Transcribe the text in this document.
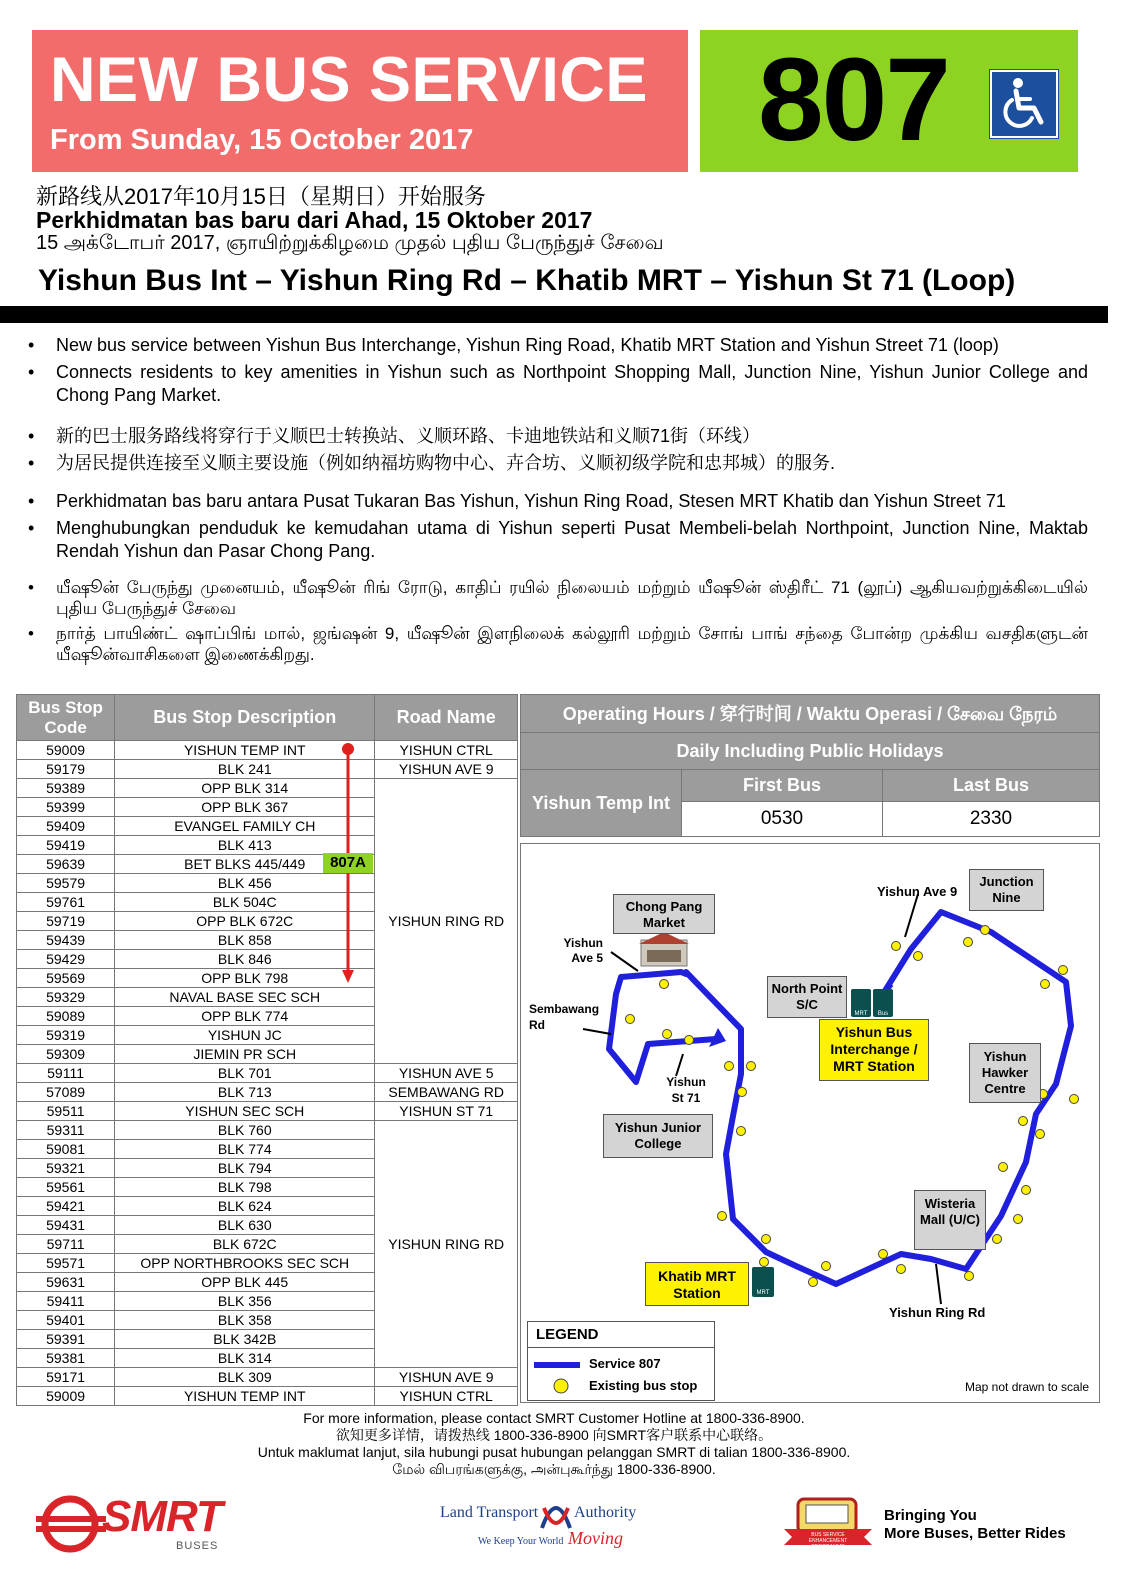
NEW BUS SERVICE
From Sunday, 15 October 2017 807
新路线从2017年10月15日（星期日）开始服务
Perkhidmatan bas baru dari Ahad, 15 Oktober 2017
15 அக்டோபர் 2017, ஞாயிற்றுக்கிழமை முதல் புதிய பேருந்துச் சேவை
Yishun Bus Int – Yishun Ring Rd – Khatib MRT – Yishun St 71 (Loop)
• New bus service between Yishun Bus Interchange, Yishun Ring Road, Khatib MRT Station and Yishun Street 71 (loop)
• Connects residents to key amenities in Yishun such as Northpoint Shopping Mall, Junction Nine, Yishun Junior College and Chong Pang Market.
• 新的巴士服务路线将穿行于义顺巴士转换站、义顺环路、卡迪地铁站和义顺71街（环线）
• 为居民提供连接至义顺主要设施（例如纳福坊购物中心、卉合坊、义顺初级学院和忠邦城）的服务.
• Perkhidmatan bas baru antara Pusat Tukaran Bas Yishun, Yishun Ring Road, Stesen MRT Khatib dan Yishun Street 71
• Menghubungkan penduduk ke kemudahan utama di Yishun seperti Pusat Membeli-belah Northpoint, Junction Nine, Maktab Rendah Yishun dan Pasar Chong Pang.
• யீஷூன் பேருந்து முனையம், யீஷூன் ரிங் ரோடு, காதிப் ரயில் நிலையம் மற்றும் யீஷூன் ஸ்திரீட் 71 (லூப்) ஆகியவற்றுக்கிடையில் புதிய பேருந்துச் சேவை
• நார்த் பாயிண்ட் ஷாப்பிங் மால், ஜங்ஷன் 9, யீஷூன் இளநிலைக் கல்லூரி மற்றும் சோங் பாங் சந்தை போன்ற முக்கிய வசதிகளுடன் யீஷூன்வாசிகளை இணைக்கிறது.
Bus Stop Code	Bus Stop Description	Road Name
59009	YISHUN TEMP INT	YISHUN CTRL
59179	BLK 241	YISHUN AVE 9
59389	OPP BLK 314	YISHUN RING RD
59399	OPP BLK 367	
59409	EVANGEL FAMILY CH	
59419	BLK 413	
59639	BET BLKS 445/449	
59579	BLK 456	
59761	BLK 504C	
59719	OPP BLK 672C	
59439	BLK 858	
59429	BLK 846	
59569	OPP BLK 798	
59329	NAVAL BASE SEC SCH	
59089	OPP BLK 774	
59319	YISHUN JC	
59309	JIEMIN PR SCH	
59111	BLK 701	YISHUN AVE 5
57089	BLK 713	SEMBAWANG RD
59511	YISHUN SEC SCH	YISHUN ST 71
59311	BLK 760	YISHUN RING RD
59081	BLK 774	
59321	BLK 794	
59561	BLK 798	
59421	BLK 624	
59431	BLK 630	
59711	BLK 672C	
59571	OPP NORTHBROOKS SEC SCH	
59631	OPP BLK 445	
59411	BLK 356	
59401	BLK 358	
59391	BLK 342B	
59381	BLK 314	
59171	BLK 309	YISHUN AVE 9
59009	YISHUN TEMP INT	YISHUN CTRL
807A
Operating Hours / 穿行时间 / Waktu Operasi / சேவை நேரம்		
Daily Including Public Holidays		
Yishun Temp Int	First Bus	Last Bus
	0530	2330
MRT	Bus
MRT
Chong Pang Market
Junction Nine
North Point S/C
Yishun Bus Interchange / MRT Station
Yishun Hawker Centre
Yishun Junior College
Wisteria Mall (U/C)
Khatib MRT Station
Yishun Ave 9
Yishun Ave 5
Sembawang Rd
Yishun St 71
Yishun Ring Rd
LEGEND
Service 807
Existing bus stop	Map not drawn to scale
For more information, please contact SMRT Customer Hotline at 1800-336-8900.
欲知更多详情，请拨热线 1800-336-8900 向SMRT客户联系中心联络。
Untuk maklumat lanjut, sila hubungi pusat hubungan pelanggan SMRT di talian 1800-336-8900.
மேல் விபரங்களுக்கு, அன்புகூர்ந்து 1800-336-8900.
SMRT
BUSES
Land Transport Authority
We Keep Your World Moving	BUS SERVICE ENHANCEMENT PROGRAMME
Bringing You
More Buses, Better Rides
